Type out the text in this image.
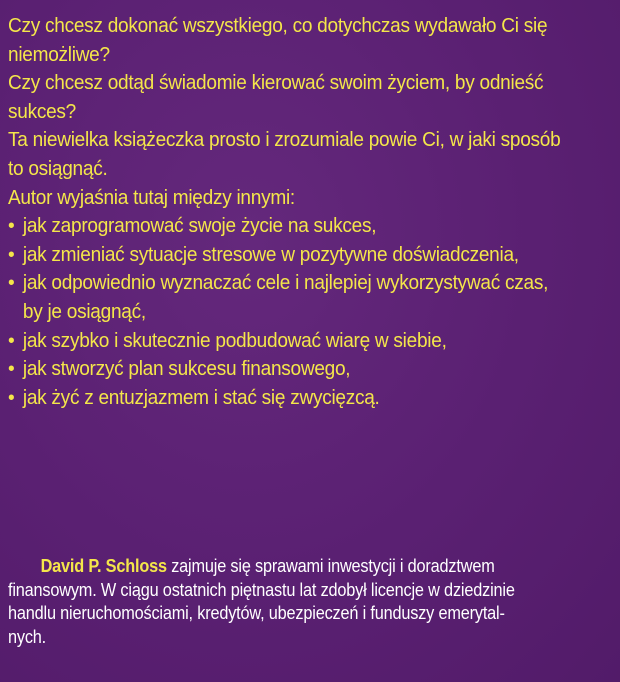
Czy chcesz dokonać wszystkiego, co dotychczas wydawało Ci się
niemożliwe?

Czy chcesz odtąd świadomie kierować swoim życiem, by odnieść
sukces?

Ta niewielka książeczka prosto i zrozumiale powie Ci, w jaki sposób
to osiągnąć.

Autor wyjaśnia tutaj między innymi:

• jak zaprogramować swoje życie na sukces,
• jak zmieniać sytuacje stresowe w pozytywne doświadczenia,
• jak odpowiednio wyznaczać cele i najlepiej wykorzystywać czas,
by je osiągnąć,
• jak szybko i skutecznie podbudować wiarę w siebie,
• jak stworzyć plan sukcesu finansowego,
• jak żyć z entuzjazmem i stać się zwycięzcą.

David P. Schloss zajmuje się sprawami inwestycji i doradztwem
finansowym. W ciągu ostatnich piętnastu lat zdobył licencje w dziedzinie
handlu nieruchomościami, kredytów, ubezpieczeń i funduszy emerytal-
nych.
